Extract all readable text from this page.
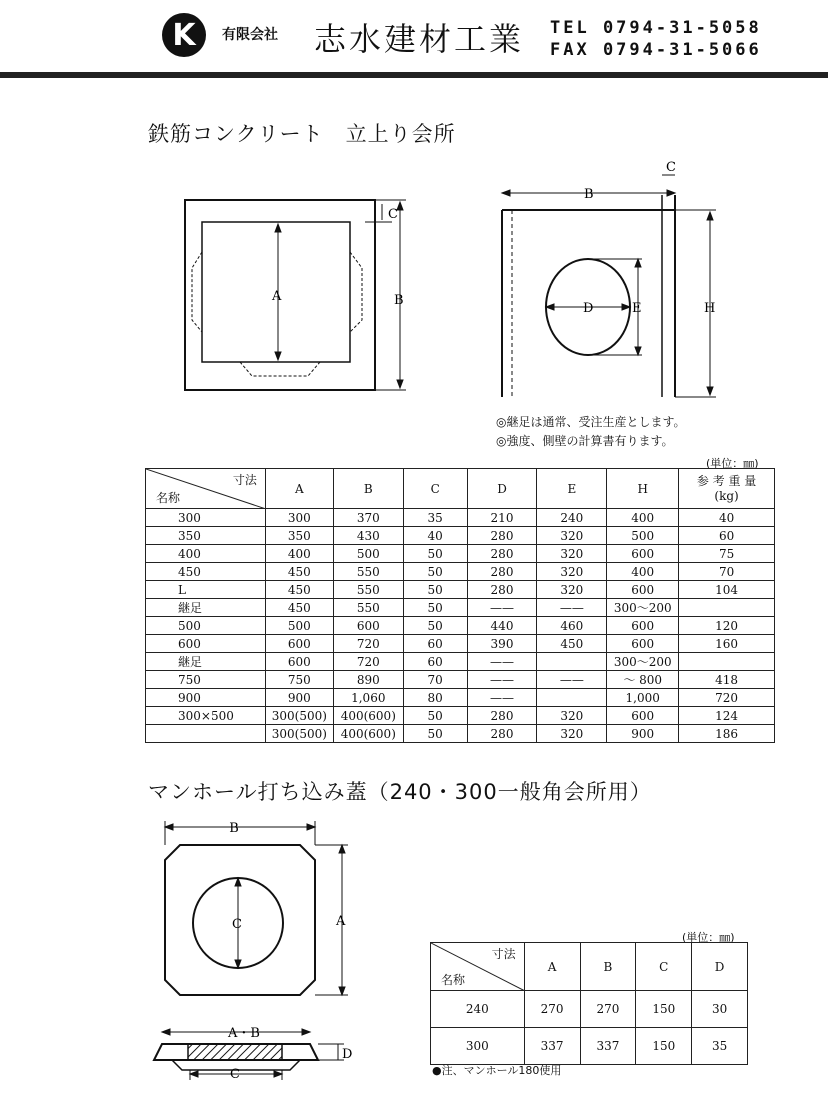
K 有限会社 志水建材工業 TEL 0794-31-5058
FAX 0794-31-5066
鉄筋コンクリート　立上り会所
A
C
B
B
C
D	E	H
◎継足は通常、受注生産とします。
◎強度、側壁の計算書有ります。
(単位：㎜)
寸法
名称	A	B	C	D	E	H	参 考 重 量
(kg)
300	300	370	35	210	240	400	40
350	350	430	40	280	320	500	60
400	400	500	50	280	320	600	75
450	450	550	50	280	320	400	70
L	450	550	50	280	320	600	104
継足	450	550	50	——	——	300～200	
500	500	600	50	440	460	600	120
600	600	720	60	390	450	600	160
継足	600	720	60	——		300～200	
750	750	890	70	——	——	～ 800	418
900	900	1,060	80	——		1,000	720
300×500	300(500)	400(600)	50	280	320	600	124
	300(500)	400(600)	50	280	320	900	186
マンホール打ち込み蓋（240・300一般角会所用）
B
C	A
A・B
D
C
(単位：㎜)
寸法
名称	A	B	C	D
240	270	270	150	30
300	337	337	150	35
●注、マンホール180使用
